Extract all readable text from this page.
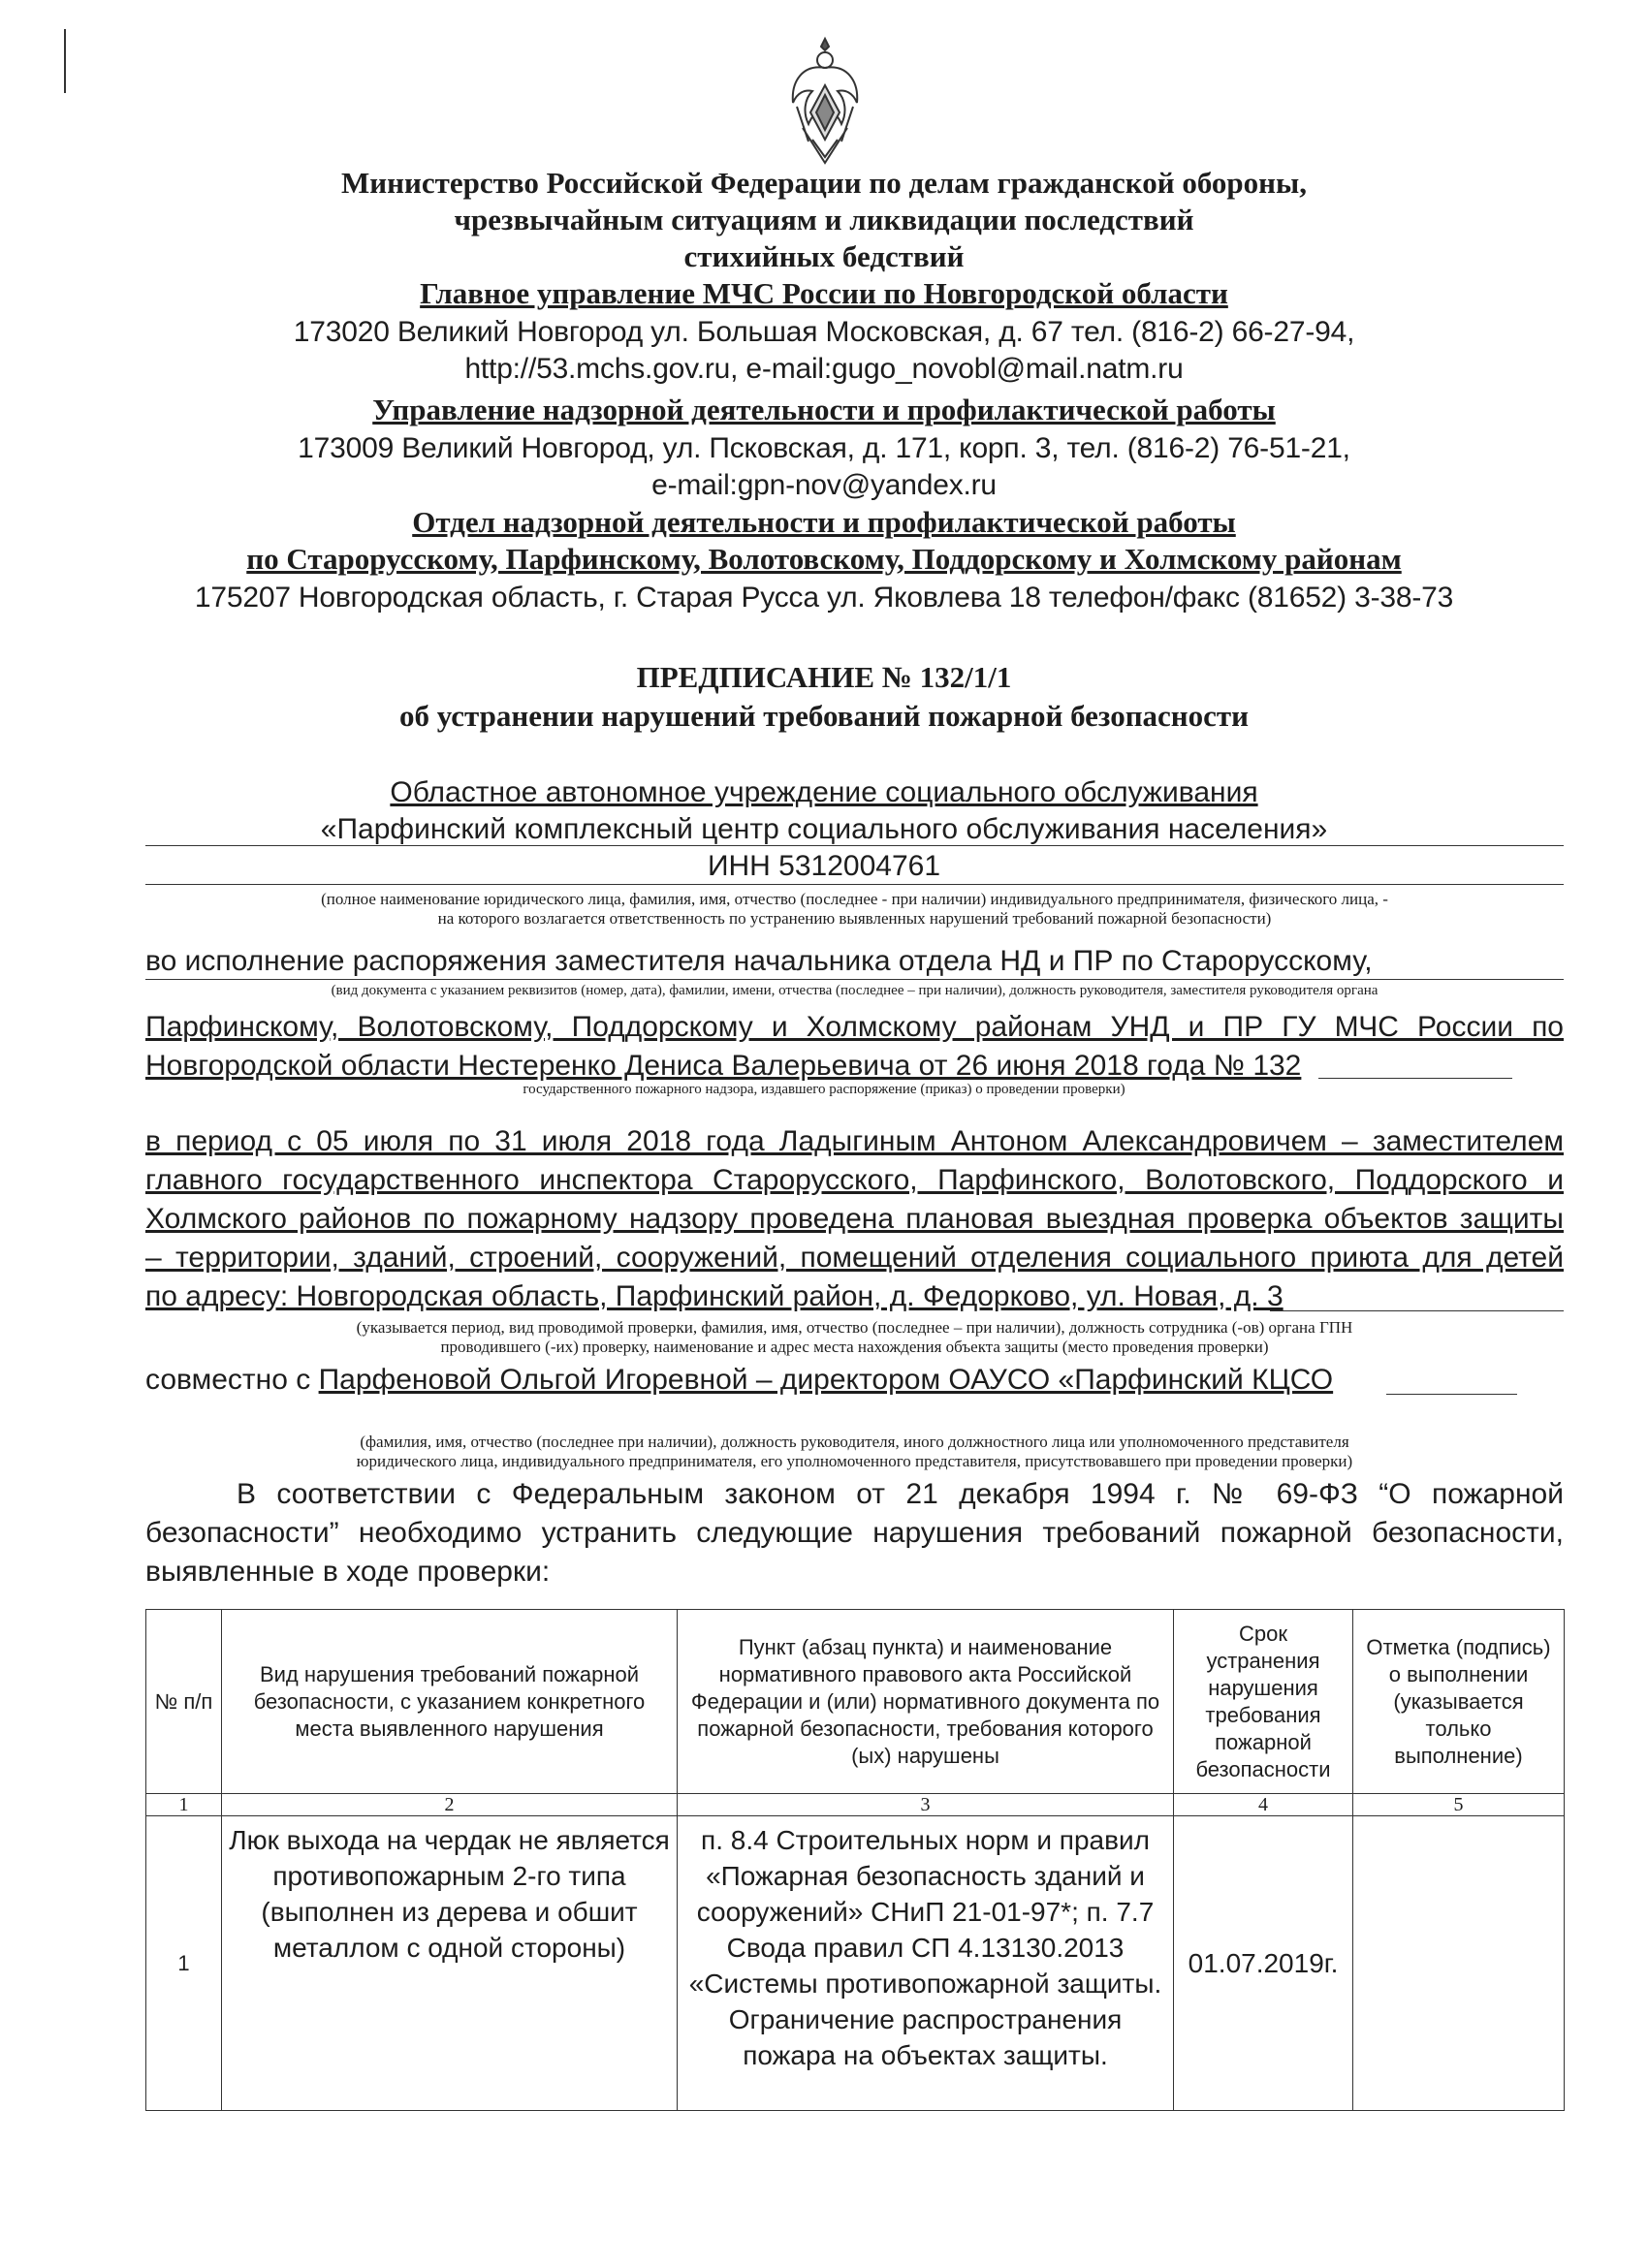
Министерство Российской Федерации по делам гражданской обороны,
чрезвычайным ситуациям и ликвидации последствий
стихийных бедствий
Главное управление МЧС России по Новгородской области
173020 Великий Новгород ул. Большая Московская, д. 67 тел. (816-2) 66-27-94,
http://53.mchs.gov.ru, e-mail:gugo_novobl@mail.natm.ru
Управление надзорной деятельности и профилактической работы
173009 Великий Новгород, ул. Псковская, д. 171, корп. 3, тел. (816-2) 76-51-21,
e-mail:gpn-nov@yandex.ru
Отдел надзорной деятельности и профилактической работы
по Старорусскому, Парфинскому, Волотовскому, Поддорскому и Холмскому районам
175207 Новгородская область, г. Старая Русса ул. Яковлева 18 телефон/факс (81652) 3-38-73
ПРЕДПИСАНИЕ № 132/1/1
об устранении нарушений требований пожарной безопасности
Областное автономное учреждение социального обслуживания
«Парфинский комплексный центр социального обслуживания населения»
ИНН 5312004761
(полное наименование юридического лица, фамилия, имя, отчество (последнее - при наличии) индивидуального предпринимателя, физического лица, -
на которого возлагается ответственность по устранению выявленных нарушений требований пожарной безопасности)
во исполнение распоряжения заместителя начальника отдела НД и ПР по Старорусскому,
(вид документа с указанием реквизитов (номер, дата), фамилии, имени, отчества (последнее – при наличии), должность руководителя, заместителя руководителя органа
Парфинскому, Волотовскому, Поддорскому и Холмскому районам УНД и ПР ГУ МЧС России по
Новгородской области Нестеренко Дениса Валерьевича от 26 июня 2018 года № 132
государственного пожарного надзора, издавшего распоряжение (приказ) о проведении проверки)
в период с 05 июля по 31 июля 2018 года Ладыгиным Антоном Александровичем – заместителем
главного государственного инспектора Старорусского, Парфинского, Волотовского, Поддорского и
Холмского районов по пожарному надзору проведена плановая выездная проверка объектов защиты
– территории, зданий, строений, сооружений, помещений отделения социального приюта для детей
по адресу: Новгородская область, Парфинский район, д. Федорково, ул. Новая, д. 3
(указывается период, вид проводимой проверки, фамилия, имя, отчество (последнее – при наличии), должность сотрудника (-ов) органа ГПН
проводившего (-их) проверку, наименование и адрес места нахождения объекта защиты (место проведения проверки)
совместно с Парфеновой Ольгой Игоревной – директором ОАУСО «Парфинский КЦСО
(фамилия, имя, отчество (последнее при наличии), должность руководителя, иного должностного лица или уполномоченного представителя
юридического лица, индивидуального предпринимателя, его уполномоченного представителя, присутствовавшего при проведении проверки)
В соответствии с Федеральным законом от 21 декабря 1994 г. № 69-ФЗ “О пожарной
безопасности” необходимо устранить следующие нарушения требований пожарной безопасности,
выявленные в ходе проверки:
№ п/п	Вид нарушения требований пожарной безопасности, с указанием конкретного места выявленного нарушения	Пункт (абзац пункта) и наименование нормативного правового акта Российской Федерации и (или) нормативного документа по пожарной безопасности, требования которого (ых) нарушены	Срок устранения нарушения требования пожарной безопасности	Отметка (подпись) о выполнении (указывается только выполнение)
1	2	3	4	5
1	Люк выхода на чердак не является противопожарным 2-го типа (выполнен из дерева и обшит металлом с одной стороны)	п. 8.4 Строительных норм и правил «Пожарная безопасность зданий и сооружений» СНиП 21-01-97*; п. 7.7 Свода правил СП 4.13130.2013 «Системы противопожарной защиты. Ограничение распространения пожара на объектах защиты.	01.07.2019г.	
